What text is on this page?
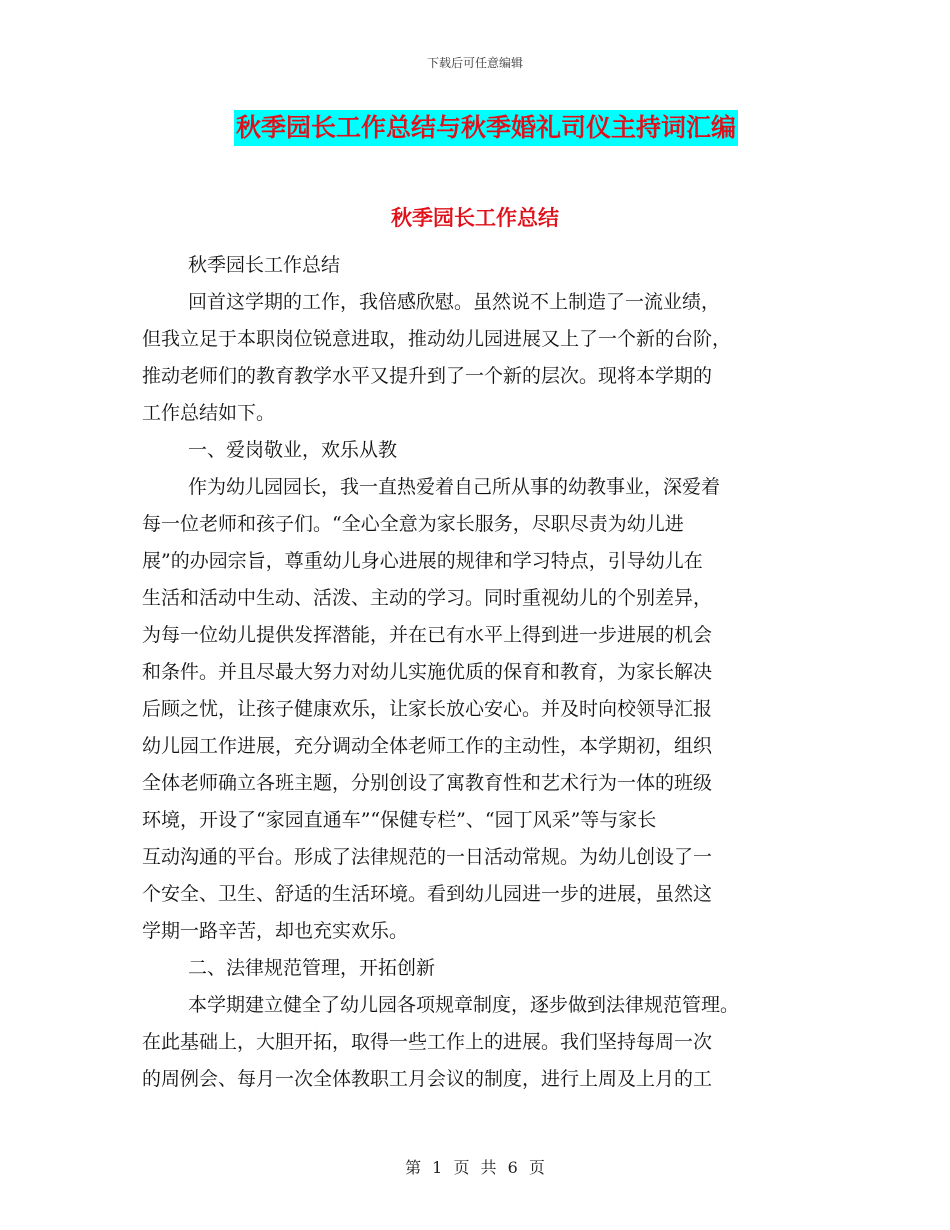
下载后可任意编辑
秋季园长工作总结与秋季婚礼司仪主持词汇编
秋季园长工作总结
秋季园长工作总结
回首这学期的工作，我倍感欣慰。虽然说不上制造了一流业绩，
但我立足于本职岗位锐意进取，推动幼儿园进展又上了一个新的台阶，
推动老师们的教育教学水平又提升到了一个新的层次。现将本学期的
工作总结如下。
一、爱岗敬业，欢乐从教
作为幼儿园园长，我一直热爱着自己所从事的幼教事业，深爱着
每一位老师和孩子们。“全心全意为家长服务，尽职尽责为幼儿进
展”的办园宗旨，尊重幼儿身心进展的规律和学习特点，引导幼儿在
生活和活动中生动、活泼、主动的学习。同时重视幼儿的个别差异，
为每一位幼儿提供发挥潜能，并在已有水平上得到进一步进展的机会
和条件。并且尽最大努力对幼儿实施优质的保育和教育，为家长解决
后顾之忧，让孩子健康欢乐，让家长放心安心。并及时向校领导汇报
幼儿园工作进展，充分调动全体老师工作的主动性，本学期初，组织
全体老师确立各班主题，分别创设了寓教育性和艺术行为一体的班级
环境，开设了“家园直通车”“保健专栏”、“园丁风采”等与家长
互动沟通的平台。形成了法律规范的一日活动常规。为幼儿创设了一
个安全、卫生、舒适的生活环境。看到幼儿园进一步的进展，虽然这
学期一路辛苦，却也充实欢乐。
二、法律规范管理，开拓创新
本学期建立健全了幼儿园各项规章制度，逐步做到法律规范管理。
在此基础上，大胆开拓，取得一些工作上的进展。我们坚持每周一次
的周例会、每月一次全体教职工月会议的制度，进行上周及上月的工
第 1 页 共 6 页
